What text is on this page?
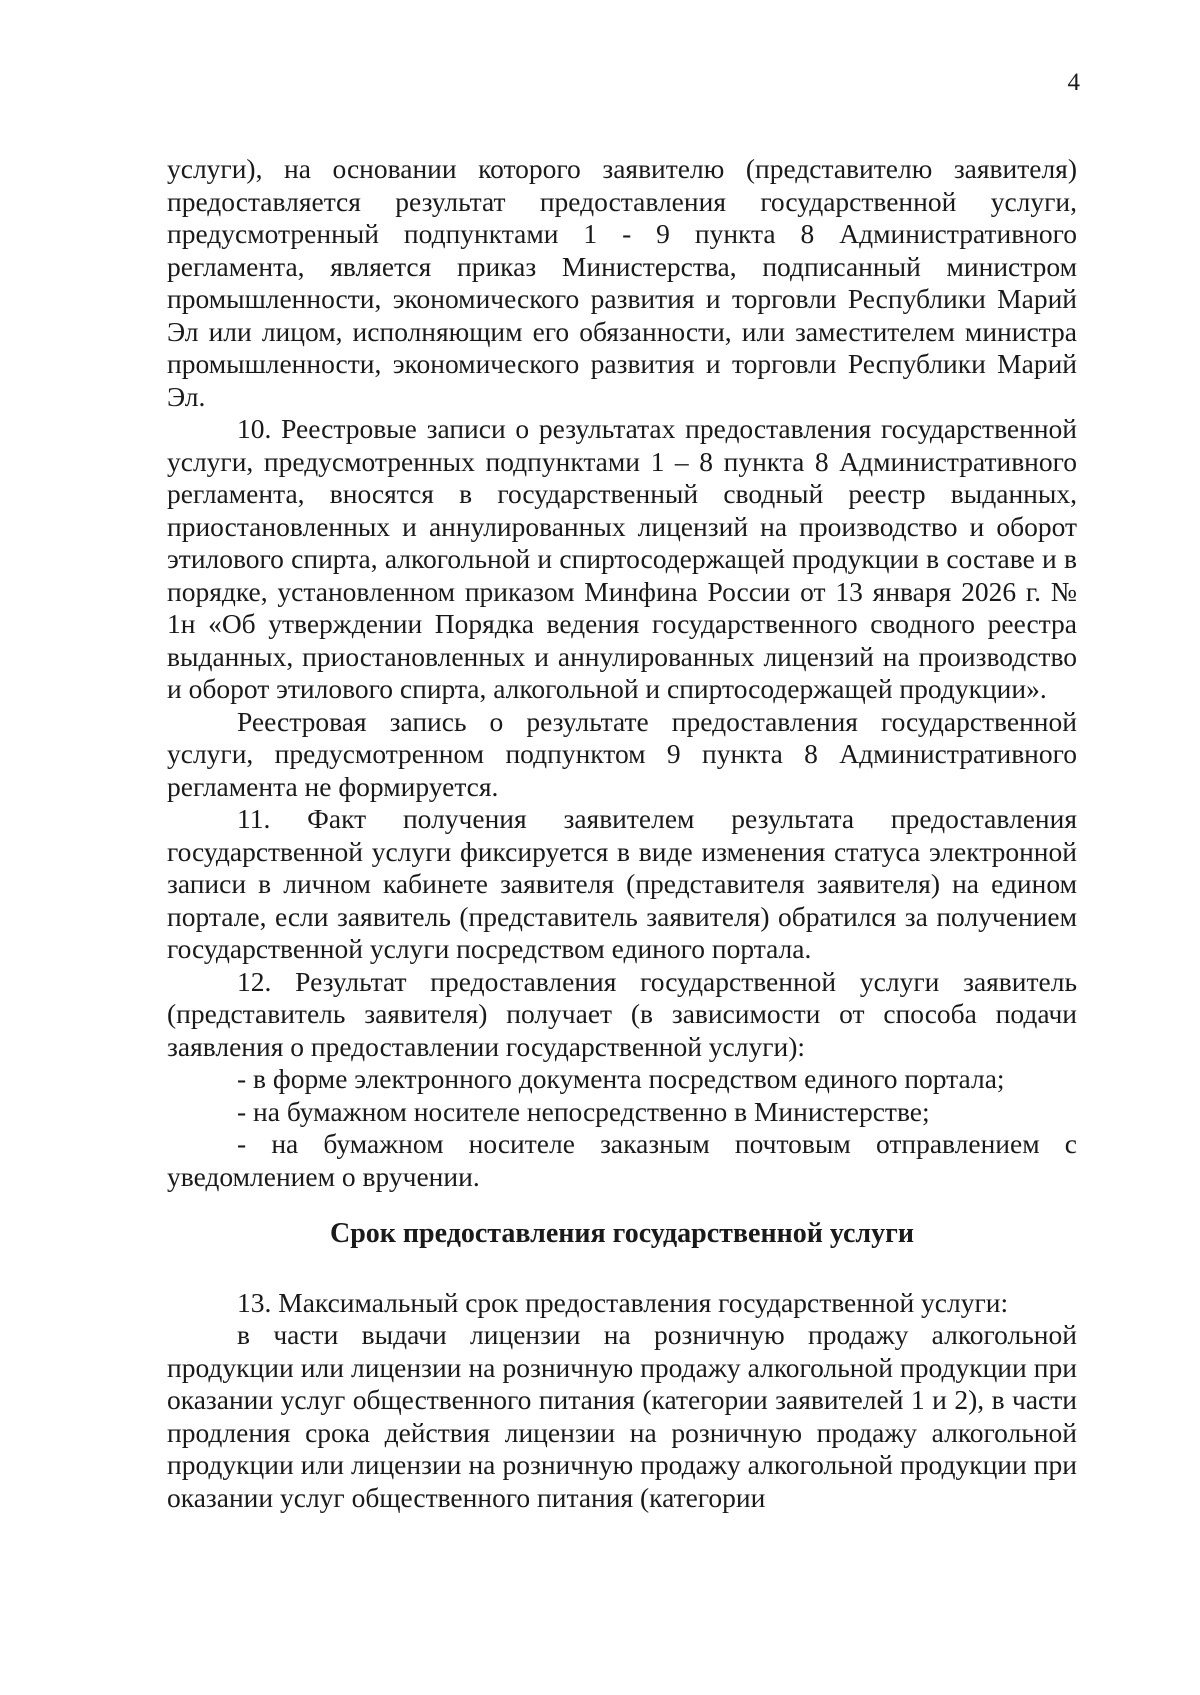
4

услуги), на основании которого заявителю (представителю заявителя) предоставляется результат предоставления государственной услуги, предусмотренный подпунктами 1 - 9 пункта 8 Административного регламента, является приказ Министерства, подписанный министром промышленности, экономического развития и торговли Республики Марий Эл или лицом, исполняющим его обязанности, или заместителем министра промышленности, экономического развития и торговли Республики Марий Эл.

10. Реестровые записи о результатах предоставления государственной услуги, предусмотренных подпунктами 1 – 8 пункта 8 Административного регламента, вносятся в государственный сводный реестр выданных, приостановленных и аннулированных лицензий на производство и оборот этилового спирта, алкогольной и спиртосодержащей продукции в составе и в порядке, установленном приказом Минфина России от 13 января 2026 г. № 1н «Об утверждении Порядка ведения государственного сводного реестра выданных, приостановленных и аннулированных лицензий на производство и оборот этилового спирта, алкогольной и спиртосодержащей продукции».

Реестровая запись о результате предоставления государственной услуги, предусмотренном подпунктом 9 пункта 8 Административного регламента не формируется.

11. Факт получения заявителем результата предоставления государственной услуги фиксируется в виде изменения статуса электронной записи в личном кабинете заявителя (представителя заявителя) на едином портале, если заявитель (представитель заявителя) обратился за получением государственной услуги посредством единого портала.

12. Результат предоставления государственной услуги заявитель (представитель заявителя) получает (в зависимости от способа подачи заявления о предоставлении государственной услуги):

- в форме электронного документа посредством единого портала;

- на бумажном носителе непосредственно в Министерстве;

- на бумажном носителе заказным почтовым отправлением с уведомлением о вручении.

Срок предоставления государственной услуги

13. Максимальный срок предоставления государственной услуги:

в части выдачи лицензии на розничную продажу алкогольной продукции или лицензии на розничную продажу алкогольной продукции при оказании услуг общественного питания (категории заявителей 1 и 2), в части продления срока действия лицензии на розничную продажу алкогольной продукции или лицензии на розничную продажу алкогольной продукции при оказании услуг общественного питания (категории
